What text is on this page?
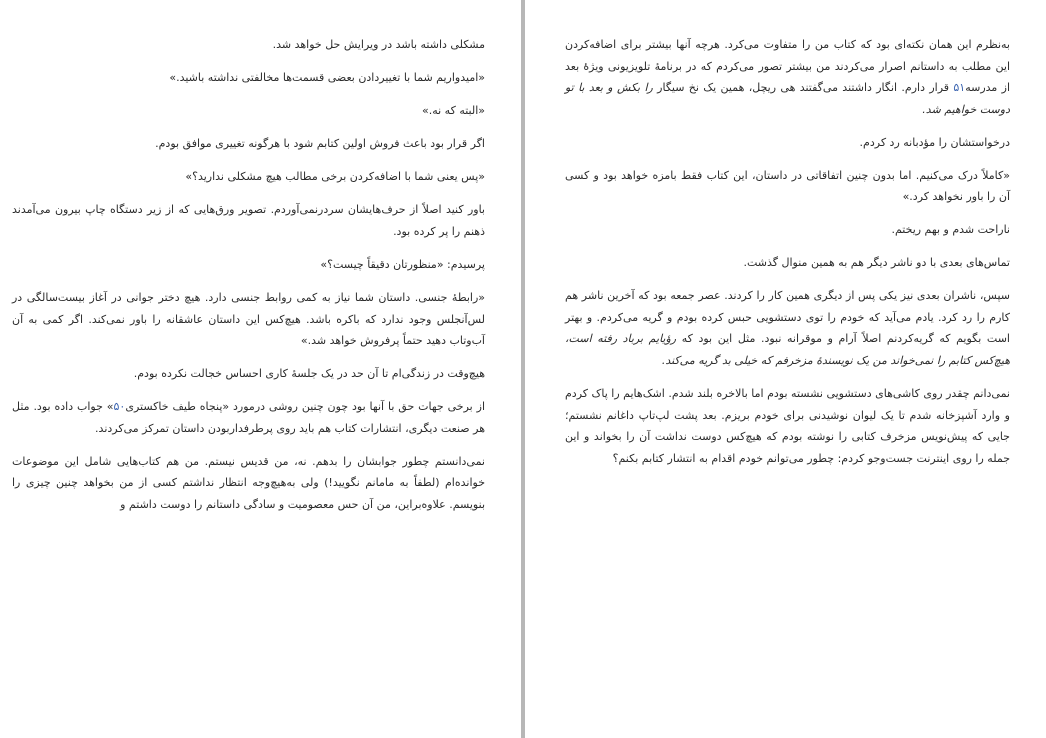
مشکلی داشته باشد در ویرایش حل خواهد شد.

«امیدواریم شما با تغییردادن بعضی قسمت‌ها مخالفتی نداشته باشید.»

«البته که نه.»

اگر قرار بود باعث فروش اولین کتابم شود با هرگونه تغییری موافق بودم.

«پس یعنی شما با اضافه‌کردن برخی مطالب هیچ مشکلی ندارید؟»

باور کنید اصلاً از حرف‌هایشان سردرنمی‌آوردم. تصویر ورق‌هایی که از زیر دستگاه چاپ بیرون می‌آمدند ذهنم را پر کرده بود.

پرسیدم: «منظورتان دقیقاً چیست؟»

«رابطهٔ جنسی. داستان شما نیاز به کمی روابط جنسی دارد. هیچ دختر جوانی در آغاز بیست‌سالگی در لس‌آنجلس وجود ندارد که باکره باشد. هیچ‌کس این داستان عاشقانه را باور نمی‌کند. اگر کمی به آن آب‌وتاب دهید حتماً پرفروش خواهد شد.»

هیچ‌وقت در زندگی‌ام تا آن حد در یک جلسهٔ کاری احساس خجالت نکرده بودم.

از برخی جهات حق با آنها بود چون چنین روشی درمورد «پنجاه طیف خاکستری۵۰» جواب داده بود. مثل هر صنعت دیگری، انتشارات کتاب هم باید روی پرطرفداربودن داستان تمرکز می‌کردند.

نمی‌دانستم چطور جوابشان را بدهم. نه، من قدیس نیستم. من هم کتاب‌هایی شامل این موضوعات خوانده‌ام (لطفاً به مامانم نگویید!) ولی به‌هیچ‌وجه انتظار نداشتم کسی از من بخواهد چنین چیزی را بنویسم. علاوه‌براین، من آن حس معصومیت و سادگی داستانم را دوست داشتم و

به‌نظرم این همان نکته‌ای بود که کتاب من را متفاوت می‌کرد. هرچه آنها بیشتر برای اضافه‌کردن این مطلب به داستانم اصرار می‌کردند من بیشتر تصور می‌کردم که در برنامهٔ تلویزیونی ویژهٔ بعد از مدرسه۵۱ قرار دارم. انگار داشتند می‌گفتند هی ریچل، همین یک نخ سیگار را بکش و بعد با تو دوست خواهیم شد.

درخواستشان را مؤدبانه رد کردم.

«کاملاً درک می‌کنیم. اما بدون چنین اتفاقاتی در داستان، این کتاب فقط بامزه خواهد بود و کسی آن را باور نخواهد کرد.»

ناراحت شدم و بهم ریختم.

تماس‌های بعدی با دو ناشر دیگر هم به همین منوال گذشت.

سپس، ناشران بعدی نیز یکی پس از دیگری همین کار را کردند. عصر جمعه بود که آخرین ناشر هم کارم را رد کرد. یادم می‌آید که خودم را توی دستشویی حبس کرده بودم و گریه می‌کردم. و بهتر است بگویم که گریه‌کردنم اصلاً آرام و موقرانه نبود. مثل این بود که رؤیایم برباد رفته است، هیچ‌کس کتابم را نمی‌خواند من یک نویسندهٔ مزخرفم که خیلی بد گریه می‌کند.

نمی‌دانم چقدر روی کاشی‌های دستشویی نشسته بودم اما بالاخره بلند شدم. اشک‌هایم را پاک کردم و وارد آشپزخانه شدم تا یک لیوان نوشیدنی برای خودم بریزم. بعد پشت لپ‌تاپ داغانم نشستم؛ جایی که پیش‌نویس مزخرف کتابی را نوشته بودم که هیچ‌کس دوست نداشت آن را بخواند و این جمله را روی اینترنت جست‌وجو کردم: چطور می‌توانم خودم اقدام به انتشار کتابم بکنم؟
